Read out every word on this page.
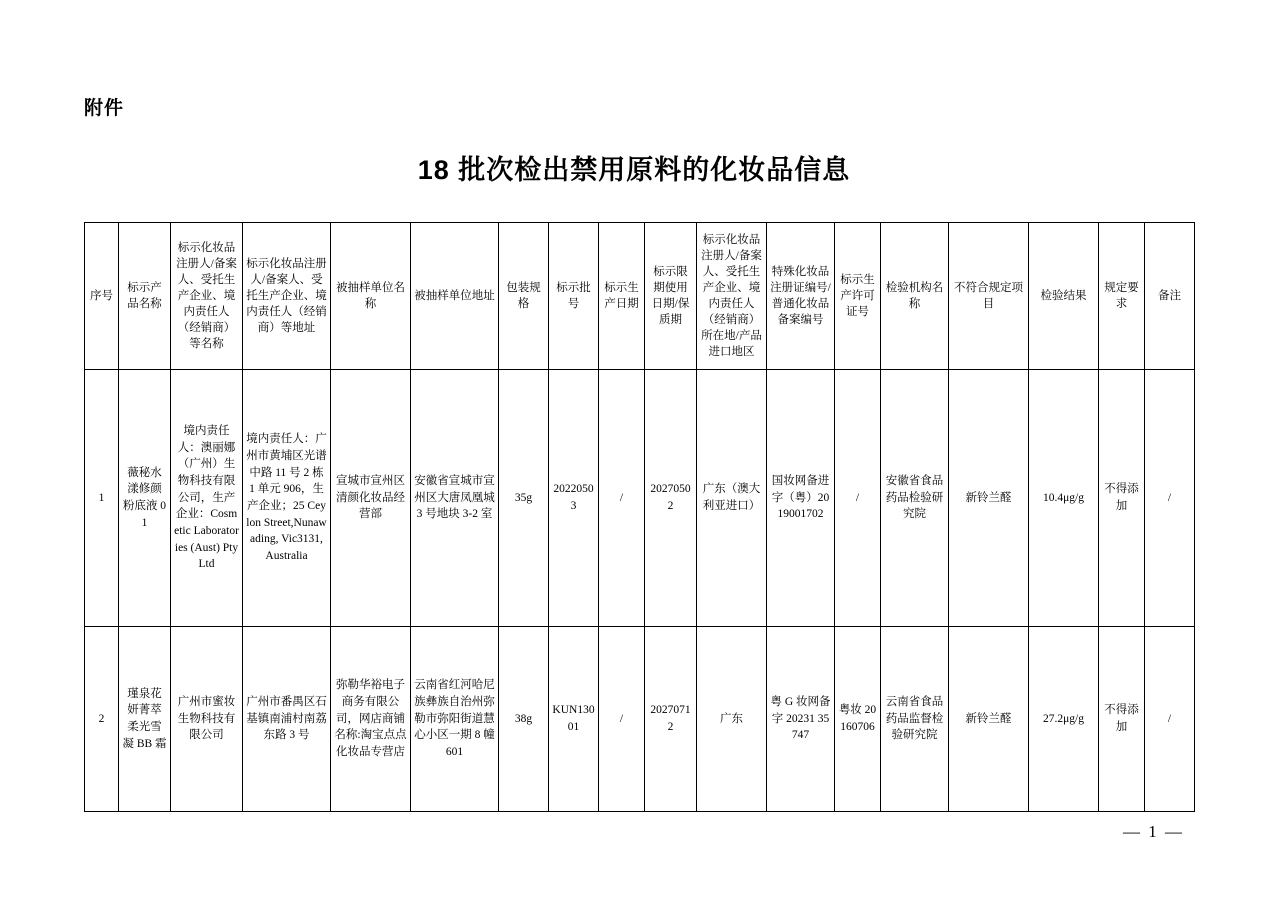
附件
18 批次检出禁用原料的化妆品信息
序号	标示产品名称	标示化妆品注册人/备案人、受托生产企业、境内责任人（经销商）等名称	标示化妆品注册人/备案人、受托生产企业、境内责任人（经销商）等地址	被抽样单位名称	被抽样单位地址	包装规格	标示批号	标示生产日期	标示限期使用日期/保质期	标示化妆品注册人/备案人、受托生产企业、境内责任人（经销商）所在地/产品进口地区	特殊化妆品注册证编号/普通化妆品备案编号	标示生产许可证号	检验机构名称	不符合规定项目	检验结果	规定要求	备注
1	薇秘水漾修颜粉底液 01	境内责任人：澳丽娜（广州）生物科技有限公司，生产企业：Cosmetic Laboratories (Aust) Pty Ltd	境内责任人：广州市黄埔区光谱中路 11 号 2 栋 1 单元 906，生产企业；25 Ceylon Street,Nunawading, Vic3131,Australia	宣城市宣州区清颜化妆品经营部	安徽省宣城市宣州区大唐凤凰城 3 号地块 3-2 室	35g	20220503	/	20270502	广东（澳大利亚进口）	国妆网备进字（粤）2019001702	/	安徽省食品药品检验研究院	新铃兰醛	10.4μg/g	不得添加	/
2	瑾泉花妍菁萃柔光雪凝 BB 霜	广州市蜜妆生物科技有限公司	广州市番禺区石基镇南浦村南荔东路 3 号	弥勒华裕电子商务有限公司，网店商铺名称:淘宝点点化妆品专营店	云南省红河哈尼族彝族自治州弥勒市弥阳街道慧心小区一期 8 幢 601	38g	KUN13001	/	20270712	广东	粤 G 妆网备字 20231 35747	粤妆 20160706	云南省食品药品监督检验研究院	新铃兰醛	27.2μg/g	不得添加	/
— 1 —
